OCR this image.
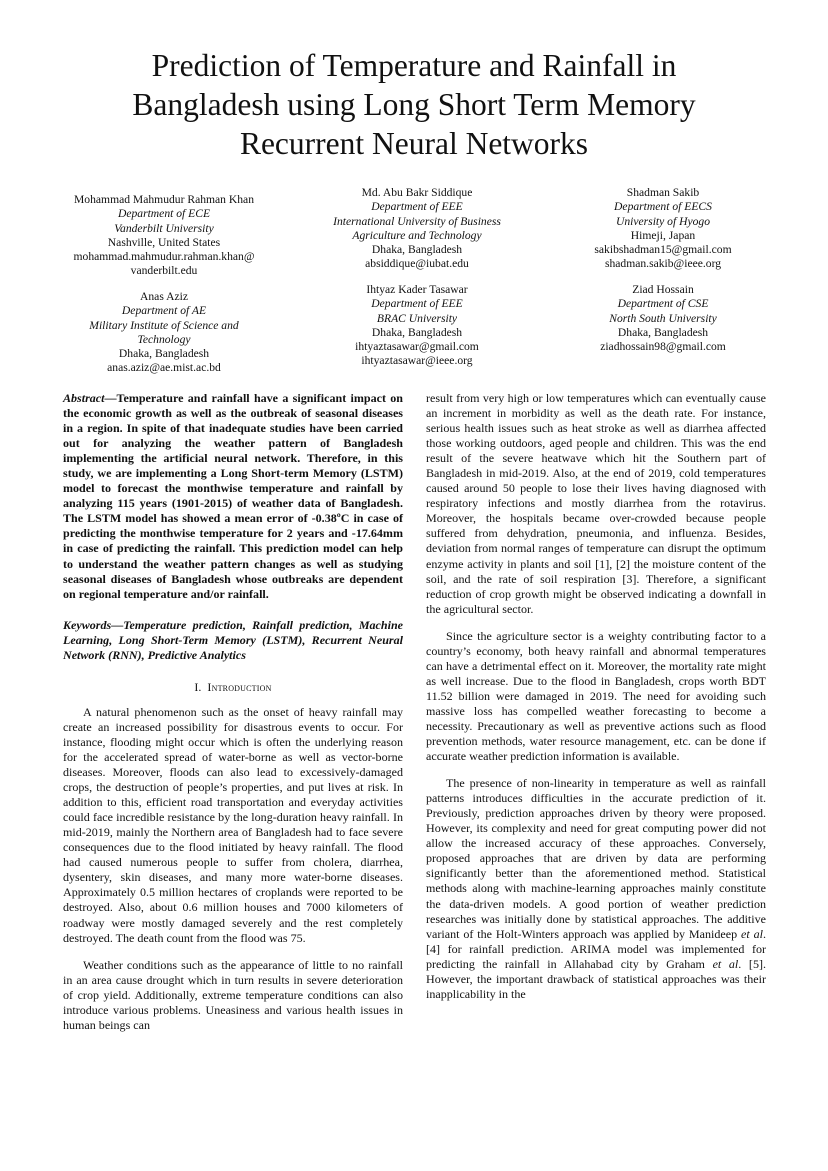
Prediction of Temperature and Rainfall in
Bangladesh using Long Short Term Memory
Recurrent Neural Networks
Mohammad Mahmudur Rahman Khan
Department of ECE
Vanderbilt University
Nashville, United States
mohammad.mahmudur.rahman.khan@
vanderbilt.edu
Md. Abu Bakr Siddique
Department of EEE
International University of Business
Agriculture and Technology
Dhaka, Bangladesh
absiddique@iubat.edu
Shadman Sakib
Department of EECS
University of Hyogo
Himeji, Japan
sakibshadman15@gmail.com
shadman.sakib@ieee.org
Anas Aziz
Department of AE
Military Institute of Science and
Technology
Dhaka, Bangladesh
anas.aziz@ae.mist.ac.bd
Ihtyaz Kader Tasawar
Department of EEE
BRAC University
Dhaka, Bangladesh
ihtyaztasawar@gmail.com
ihtyaztasawar@ieee.org
Ziad Hossain
Department of CSE
North South University
Dhaka, Bangladesh
ziadhossain98@gmail.com

Abstract—Temperature and rainfall have a significant impact on the economic growth as well as the outbreak of seasonal diseases in a region. In spite of that inadequate studies have been carried out for analyzing the weather pattern of Bangladesh implementing the artificial neural network. Therefore, in this study, we are implementing a Long Short-term Memory (LSTM) model to forecast the monthwise temperature and rainfall by analyzing 115 years (1901-2015) of weather data of Bangladesh. The LSTM model has showed a mean error of -0.38ºC in case of predicting the monthwise temperature for 2 years and -17.64mm in case of predicting the rainfall. This prediction model can help to understand the weather pattern changes as well as studying seasonal diseases of Bangladesh whose outbreaks are dependent on regional temperature and/or rainfall.

Keywords—Temperature prediction, Rainfall prediction, Machine Learning, Long Short-Term Memory (LSTM), Recurrent Neural Network (RNN), Predictive Analytics

I. Introduction

A natural phenomenon such as the onset of heavy rainfall may create an increased possibility for disastrous events to occur. For instance, flooding might occur which is often the underlying reason for the accelerated spread of water-borne as well as vector-borne diseases. Moreover, floods can also lead to excessively-damaged crops, the destruction of people’s properties, and put lives at risk. In addition to this, efficient road transportation and everyday activities could face incredible resistance by the long-duration heavy rainfall. In mid-2019, mainly the Northern area of Bangladesh had to face severe consequences due to the flood initiated by heavy rainfall. The flood had caused numerous people to suffer from cholera, diarrhea, dysentery, skin diseases, and many more water-borne diseases. Approximately 0.5 million hectares of croplands were reported to be destroyed. Also, about 0.6 million houses and 7000 kilometers of roadway were mostly damaged severely and the rest completely destroyed. The death count from the flood was 75.

Weather conditions such as the appearance of little to no rainfall in an area cause drought which in turn results in severe deterioration of crop yield. Additionally, extreme temperature conditions can also introduce various problems. Uneasiness and various health issues in human beings can

result from very high or low temperatures which can eventually cause an increment in morbidity as well as the death rate. For instance, serious health issues such as heat stroke as well as diarrhea affected those working outdoors, aged people and children. This was the end result of the severe heatwave which hit the Southern part of Bangladesh in mid-2019. Also, at the end of 2019, cold temperatures caused around 50 people to lose their lives having diagnosed with respiratory infections and mostly diarrhea from the rotavirus. Moreover, the hospitals became over-crowded because people suffered from dehydration, pneumonia, and influenza. Besides, deviation from normal ranges of temperature can disrupt the optimum enzyme activity in plants and soil [1], [2] the moisture content of the soil, and the rate of soil respiration [3]. Therefore, a significant reduction of crop growth might be observed indicating a downfall in the agricultural sector.

Since the agriculture sector is a weighty contributing factor to a country’s economy, both heavy rainfall and abnormal temperatures can have a detrimental effect on it. Moreover, the mortality rate might as well increase. Due to the flood in Bangladesh, crops worth BDT 11.52 billion were damaged in 2019. The need for avoiding such massive loss has compelled weather forecasting to become a necessity. Precautionary as well as preventive actions such as flood prevention methods, water resource management, etc. can be done if accurate weather prediction information is available.

The presence of non-linearity in temperature as well as rainfall patterns introduces difficulties in the accurate prediction of it. Previously, prediction approaches driven by theory were proposed. However, its complexity and need for great computing power did not allow the increased accuracy of these approaches. Conversely, proposed approaches that are driven by data are performing significantly better than the aforementioned method. Statistical methods along with machine-learning approaches mainly constitute the data-driven models. A good portion of weather prediction researches was initially done by statistical approaches. The additive variant of the Holt-Winters approach was applied by Manideep et al. [4] for rainfall prediction. ARIMA model was implemented for predicting the rainfall in Allahabad city by Graham et al. [5]. However, the important drawback of statistical approaches was their inapplicability in the
